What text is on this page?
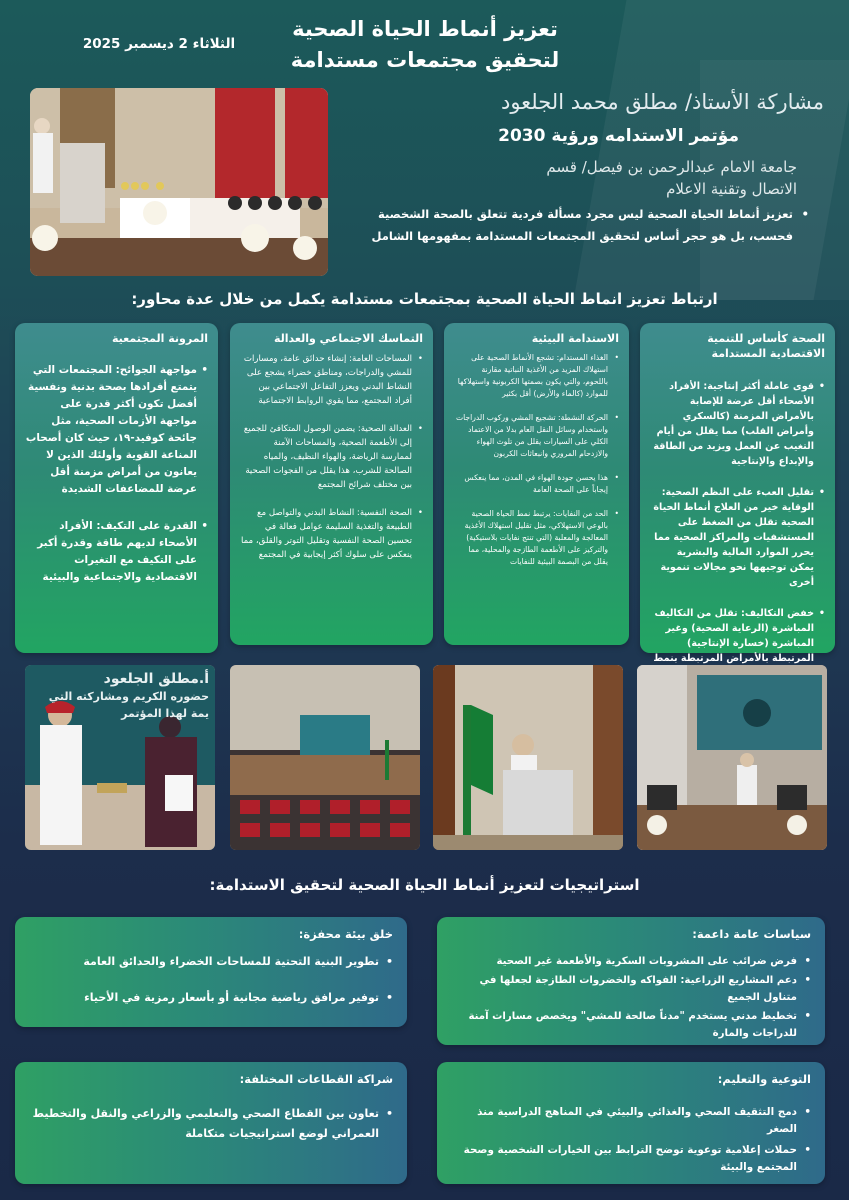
تعزيز أنماط الحياة الصحية
لتحقيق مجتمعات مستدامة
الثلاثاء 2 ديسمبر 2025
مشاركة الأستاذ/ مطلق محمد الجلعود
مؤتمر الاستدامه ورؤية 2030
جامعة الامام عبدالرحمن بن فيصل/ قسم
الاتصال وتقنية الاعلام
• تعزيز أنماط الحياة الصحية ليس مجرد مسألة فردية تتعلق بالصحة الشخصية فحسب، بل هو حجر أساس لتحقيق المجتمعات المستدامة بمفهومها الشامل
ارتباط تعزيز انماط الحياة الصحية بمجتمعات مستدامة يكمل من خلال عدة محاور:
الصحة كأساس للتنمية الاقتصادية المستدامة
• قوى عاملة أكثر إنتاجية: الأفراد الأصحاء أقل عرضة للإصابة بالأمراض المزمنة (كالسكري وأمراض القلب) مما يقلل من أيام التغيب عن العمل ويزيد من الطاقة والإبداع والإنتاجية
• تقليل العبء على النظم الصحية: الوقاية خير من العلاج أنماط الحياة الصحية تقلل من الضغط على المستشفيات والمراكز الصحية مما يحرر الموارد المالية والبشرية يمكن توجيهها نحو مجالات تنموية أخرى
• خفض التكاليف: تقلل من التكاليف المباشرة (الرعاية الصحية) وغير المباشرة (خسارة الإنتاجية) المرتبطة بالأمراض المرتبطة بنمط
الاستدامة البيئية
• الغذاء المستدام: تشجع الأنماط الصحية على استهلاك المزيد من الأغذية النباتية مقارنة باللحوم، والتي يكون بصمتها الكربونية واستهلاكها للموارد (كالماء والأرض) أقل بكثير
• الحركة النشطة: تشجيع المشي وركوب الدراجات واستخدام وسائل النقل العام بدلا من الاعتماد الكلي على السيارات يقلل من تلوث الهواء والازدحام المروري وانبعاثات الكربون
• هذا يحسن جودة الهواء في المدن، مما ينعكس إيجاباً على الصحة العامة
• الحد من النفايات: يرتبط نمط الحياة الصحية بالوعي الاستهلاكي، مثل تقليل استهلاك الأغذية المعالجة والمعلبة (التي تنتج نفايات بلاستيكية) والتركيز على الأطعمة الطازجة والمحلية، مما يقلل من البصمة البيئية للنفايات
التماسك الاجتماعي والعدالة
• المساحات العامة: إنشاء حدائق عامة، ومسارات للمشي والدراجات، ومناطق خضراء يشجع على النشاط البدني ويعزز التفاعل الاجتماعي بين أفراد المجتمع، مما يقوي الروابط الاجتماعية
• العدالة الصحية: يضمن الوصول المتكافئ للجميع إلى الأطعمة الصحية، والمساحات الآمنة لممارسة الرياضة، والهواء النظيف، والمياه الصالحة للشرب، هذا يقلل من الفجوات الصحية بين مختلف شرائح المجتمع
• الصحة النفسية: النشاط البدني والتواصل مع الطبيعة والتغذية السليمة عوامل فعالة في تحسين الصحة النفسية وتقليل التوتر والقلق، مما ينعكس على سلوك أكثر إيجابية في المجتمع
المرونة المجتمعية
• مواجهة الجوائح: المجتمعات التي يتمتع أفرادها بصحة بدنية ونفسية أفضل تكون أكثر قدرة على مواجهة الأزمات الصحية، مثل جائحة كوفيد-١٩، حيث كان أصحاب المناعة القوية وأولئك الذين لا يعانون من أمراض مزمنة أقل عرضة للمضاعفات الشديدة
• القدرة على التكيف: الأفراد الأصحاء لديهم طاقة وقدرة أكبر على التكيف مع التغيرات الاقتصادية والاجتماعية والبيئية
أ.مطلق الجلعود
حضوره الكريم ومشاركته التي
يمة لهذا المؤتمر
استراتيجيات لتعزيز أنماط الحياة الصحية لتحقيق الاستدامة:
سياسات عامة داعمة:
• فرض ضرائب على المشروبات السكرية والأطعمة غير الصحية
• دعم المشاريع الزراعية: الفواكه والخضروات الطازجة لجعلها في متناول الجميع
• تخطيط مدني يستخدم "مدناً صالحة للمشي" ويخصص مسارات آمنة للدراجات والمارة
خلق بيئة محفزة:
• تطوير البنية التحتية للمساحات الخضراء والحدائق العامة
• توفير مرافق رياضية مجانية أو بأسعار رمزية في الأحياء
التوعية والتعليم:
• دمج التثقيف الصحي والغذائي والبيئي في المناهج الدراسية منذ الصغر
• حملات إعلامية توعوية توضح الترابط بين الخيارات الشخصية وصحة المجتمع والبيئة
شراكة القطاعات المختلفة:
• تعاون بين القطاع الصحي والتعليمي والزراعي والنقل والتخطيط العمراني لوضع استراتيجيات متكاملة
